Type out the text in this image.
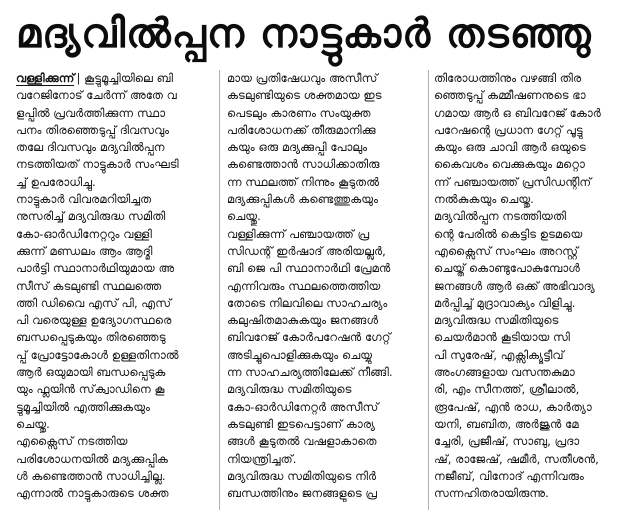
മദ്യവിൽപ്പന നാട്ടുകാർ തടഞ്ഞു
വള്ളിക്കുന്ന് | കൂട്ടുമൂച്ചിയിലെ ബി
വറേജിനോട് ചേർന്ന് അതേ വ
ളപ്പിൽ പ്രവർത്തിക്കുന്ന സ്ഥാ
പനം തിരഞ്ഞെടുപ്പ് ദിവസവും
തലേ ദിവസവും മദ്യവിൽപ്പന
നടത്തിയത് നാട്ടുകാർ സംഘടി
ച്ച് ഉപരോധിച്ചു.
നാട്ടുകാർ വിവരമറിയിച്ചത
നുസരിച്ച് മദ്യവിരുദ്ധ സമിതി
കോ-ഓർഡിനേറ്ററും വള്ളി
ക്കുന്ന് മണ്ഡലം ആം ആദ്മി
പാർട്ടി സ്ഥാനാർഥിയുമായ അ
സീസ് കടലുണ്ടി സ്ഥലത്തെ
ത്തി ഡിവൈ എസ് പി, എസ്
പി വരെയുള്ള ഉദ്യോഗസ്ഥരെ
ബന്ധപ്പെടുകയും തിരഞ്ഞെടു
പ്പ് പ്രോട്ടോകോൾ ഉള്ളതിനാൽ
ആർ ഒയുമായി ബന്ധപ്പെടുക
യും ഫ്ലയിൻ സ്‌ക്വാഡിനെ കൂ
ട്ടുമൂച്ചിയിൽ എത്തിക്കുകയും
ചെയ്തു.
എക്സൈസ് നടത്തിയ
പരിശോധനയിൽ മദ്യക്കുപ്പിക
ൾ കണ്ടെത്താൻ സാധിച്ചില്ല.
എന്നാൽ നാട്ടുകാരുടെ ശക്ത
മായ പ്രതിഷേധവും അസീസ്
കടലുണ്ടിയുടെ ശക്തമായ ഇട
പെടലും കാരണം സംയുക്ത
പരിശോധനക്ക് തീരുമാനിക്കു
കയും ഒരു മദ്യക്കുപ്പി പോലും
കണ്ടെത്താൻ സാധിക്കാതിരു
ന്ന സ്ഥലത്ത് നിന്നും കൂടുതൽ
മദ്യക്കുപ്പികൾ കണ്ടെത്തുകയും
ചെയ്തു.
വള്ളിക്കുന്ന് പഞ്ചായത്ത് പ്ര
സിഡന്റ് ഇർഷാദ് അരിയല്ലൂർ,
ബി ജെ പി സ്ഥാനാർഥി പ്രേമൻ
എന്നിവരും സ്ഥലത്തെത്തിയ
തോടെ നിലവിലെ സാഹചര്യം
കലുഷിതമാകുകയും ജനങ്ങൾ
ബിവറേജ് കോർപറേഷൻ ഗേറ്റ്
അടിച്ചുപൊളിക്കുകയും ചെയ്യു
ന്ന സാഹചര്യത്തിലേക്ക് നീങ്ങി.
മദ്യവിരുദ്ധ സമിതിയുടെ
കോ-ഓർഡിനേറ്റർ അസീസ്
കടലുണ്ടി ഇടപെട്ടാണ് കാര്യ
ങ്ങൾ കൂടുതൽ വഷളാകാതെ
നിയന്ത്രിച്ചത്.
മദ്യവിരുദ്ധ സമിതിയുടെ നിർ
ബന്ധത്തിനും ജനങ്ങളുടെ പ്ര
തിരോധത്തിനും വഴങ്ങി തിര
ഞ്ഞെടുപ്പ് കമ്മീഷണനുടെ ഭാ
ഗമായ ആർ ഒ ബിവറേജ് കോർ
പറേഷന്റെ പ്രധാന ഗേറ്റ് പൂട്ടു
കയും ഒരു ചാവി ആർ ഒയുടെ
കൈവശം വെക്കുകയും മറ്റൊ
ന്ന് പഞ്ചായത്ത് പ്രസിഡന്റിന്
നൽകുകയും ചെയ്തു.
മദ്യവിൽപ്പന നടത്തിയതി
ന്റെ പേരിൽ കെട്ടിട ഉടമയെ
എക്സൈസ് സംഘം അറസ്റ്റ്
ചെയ്ത് കൊണ്ടുപോകുമ്പോൾ
ജനങ്ങൾ ആർ ഒക്ക് അഭിവാദ്യ
മർപ്പിച്ച് മുദ്രാവാക്യം വിളിച്ചു.
മദ്യവിരുദ്ധ സമിതിയുടെ
ചെയർമാൻ കൂടിയായ സി
പി സുരേഷ്, എക്സിക്യൂട്ടീവ്
അംഗങ്ങളായ വസന്തകുമാ
രി, എം സീനത്ത്, ശ്രീലാൽ,
രൂപേഷ്, എൻ രാധ, കാർത്യാ
യനി, ബബിത, അർജുൻ മേ
ച്ചേരി, പ്രജീഷ്, സാബു, പ്രദാ
ഷ്, രാജേഷ്, ഷമീർ, സതീശൻ,
നജീബ്, വിനോദ് എന്നിവരും
സന്നഹിതരായിരുന്നു.
